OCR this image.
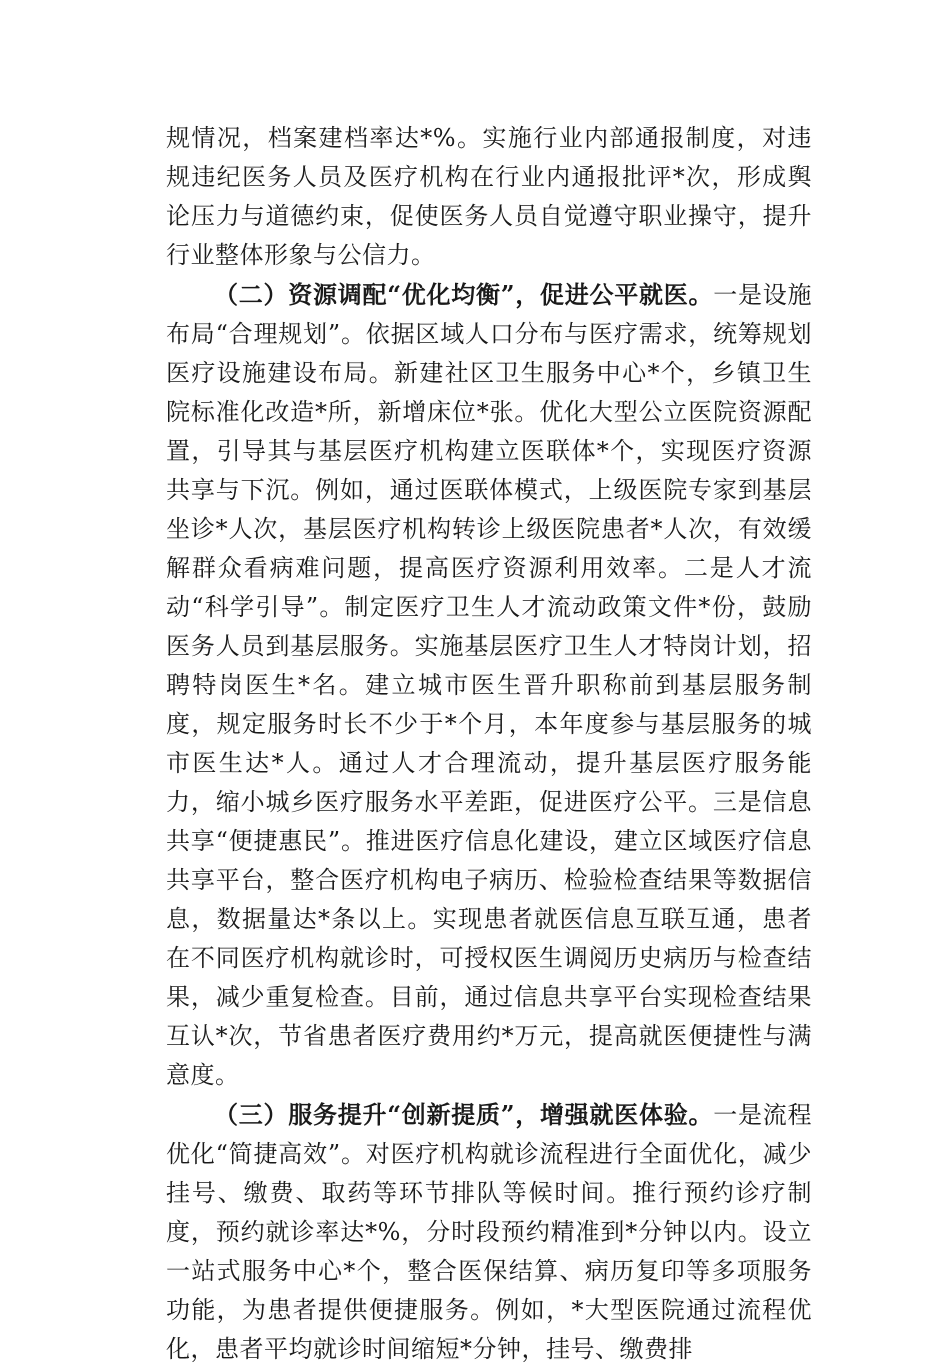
规情况，档案建档率达*%。实施行业内部通报制度，对违规违纪医务人员及医疗机构在行业内通报批评*次，形成舆论压力与道德约束，促使医务人员自觉遵守职业操守，提升行业整体形象与公信力。

（二）资源调配“优化均衡”，促进公平就医。一是设施布局“合理规划”。依据区域人口分布与医疗需求，统筹规划医疗设施建设布局。新建社区卫生服务中心*个，乡镇卫生院标准化改造*所，新增床位*张。优化大型公立医院资源配置，引导其与基层医疗机构建立医联体*个，实现医疗资源共享与下沉。例如，通过医联体模式，上级医院专家到基层坐诊*人次，基层医疗机构转诊上级医院患者*人次，有效缓解群众看病难问题，提高医疗资源利用效率。二是人才流动“科学引导”。制定医疗卫生人才流动政策文件*份，鼓励医务人员到基层服务。实施基层医疗卫生人才特岗计划，招聘特岗医生*名。建立城市医生晋升职称前到基层服务制度，规定服务时长不少于*个月，本年度参与基层服务的城市医生达*人。通过人才合理流动，提升基层医疗服务能力，缩小城乡医疗服务水平差距，促进医疗公平。三是信息共享“便捷惠民”。推进医疗信息化建设，建立区域医疗信息共享平台，整合医疗机构电子病历、检验检查结果等数据信息，数据量达*条以上。实现患者就医信息互联互通，患者在不同医疗机构就诊时，可授权医生调阅历史病历与检查结果，减少重复检查。目前，通过信息共享平台实现检查结果互认*次，节省患者医疗费用约*万元，提高就医便捷性与满意度。

（三）服务提升“创新提质”，增强就医体验。一是流程优化“简捷高效”。对医疗机构就诊流程进行全面优化，减少挂号、缴费、取药等环节排队等候时间。推行预约诊疗制度，预约就诊率达*%，分时段预约精准到*分钟以内。设立一站式服务中心*个，整合医保结算、病历复印等多项服务功能，为患者提供便捷服务。例如，*大型医院通过流程优化，患者平均就诊时间缩短*分钟，挂号、缴费排
